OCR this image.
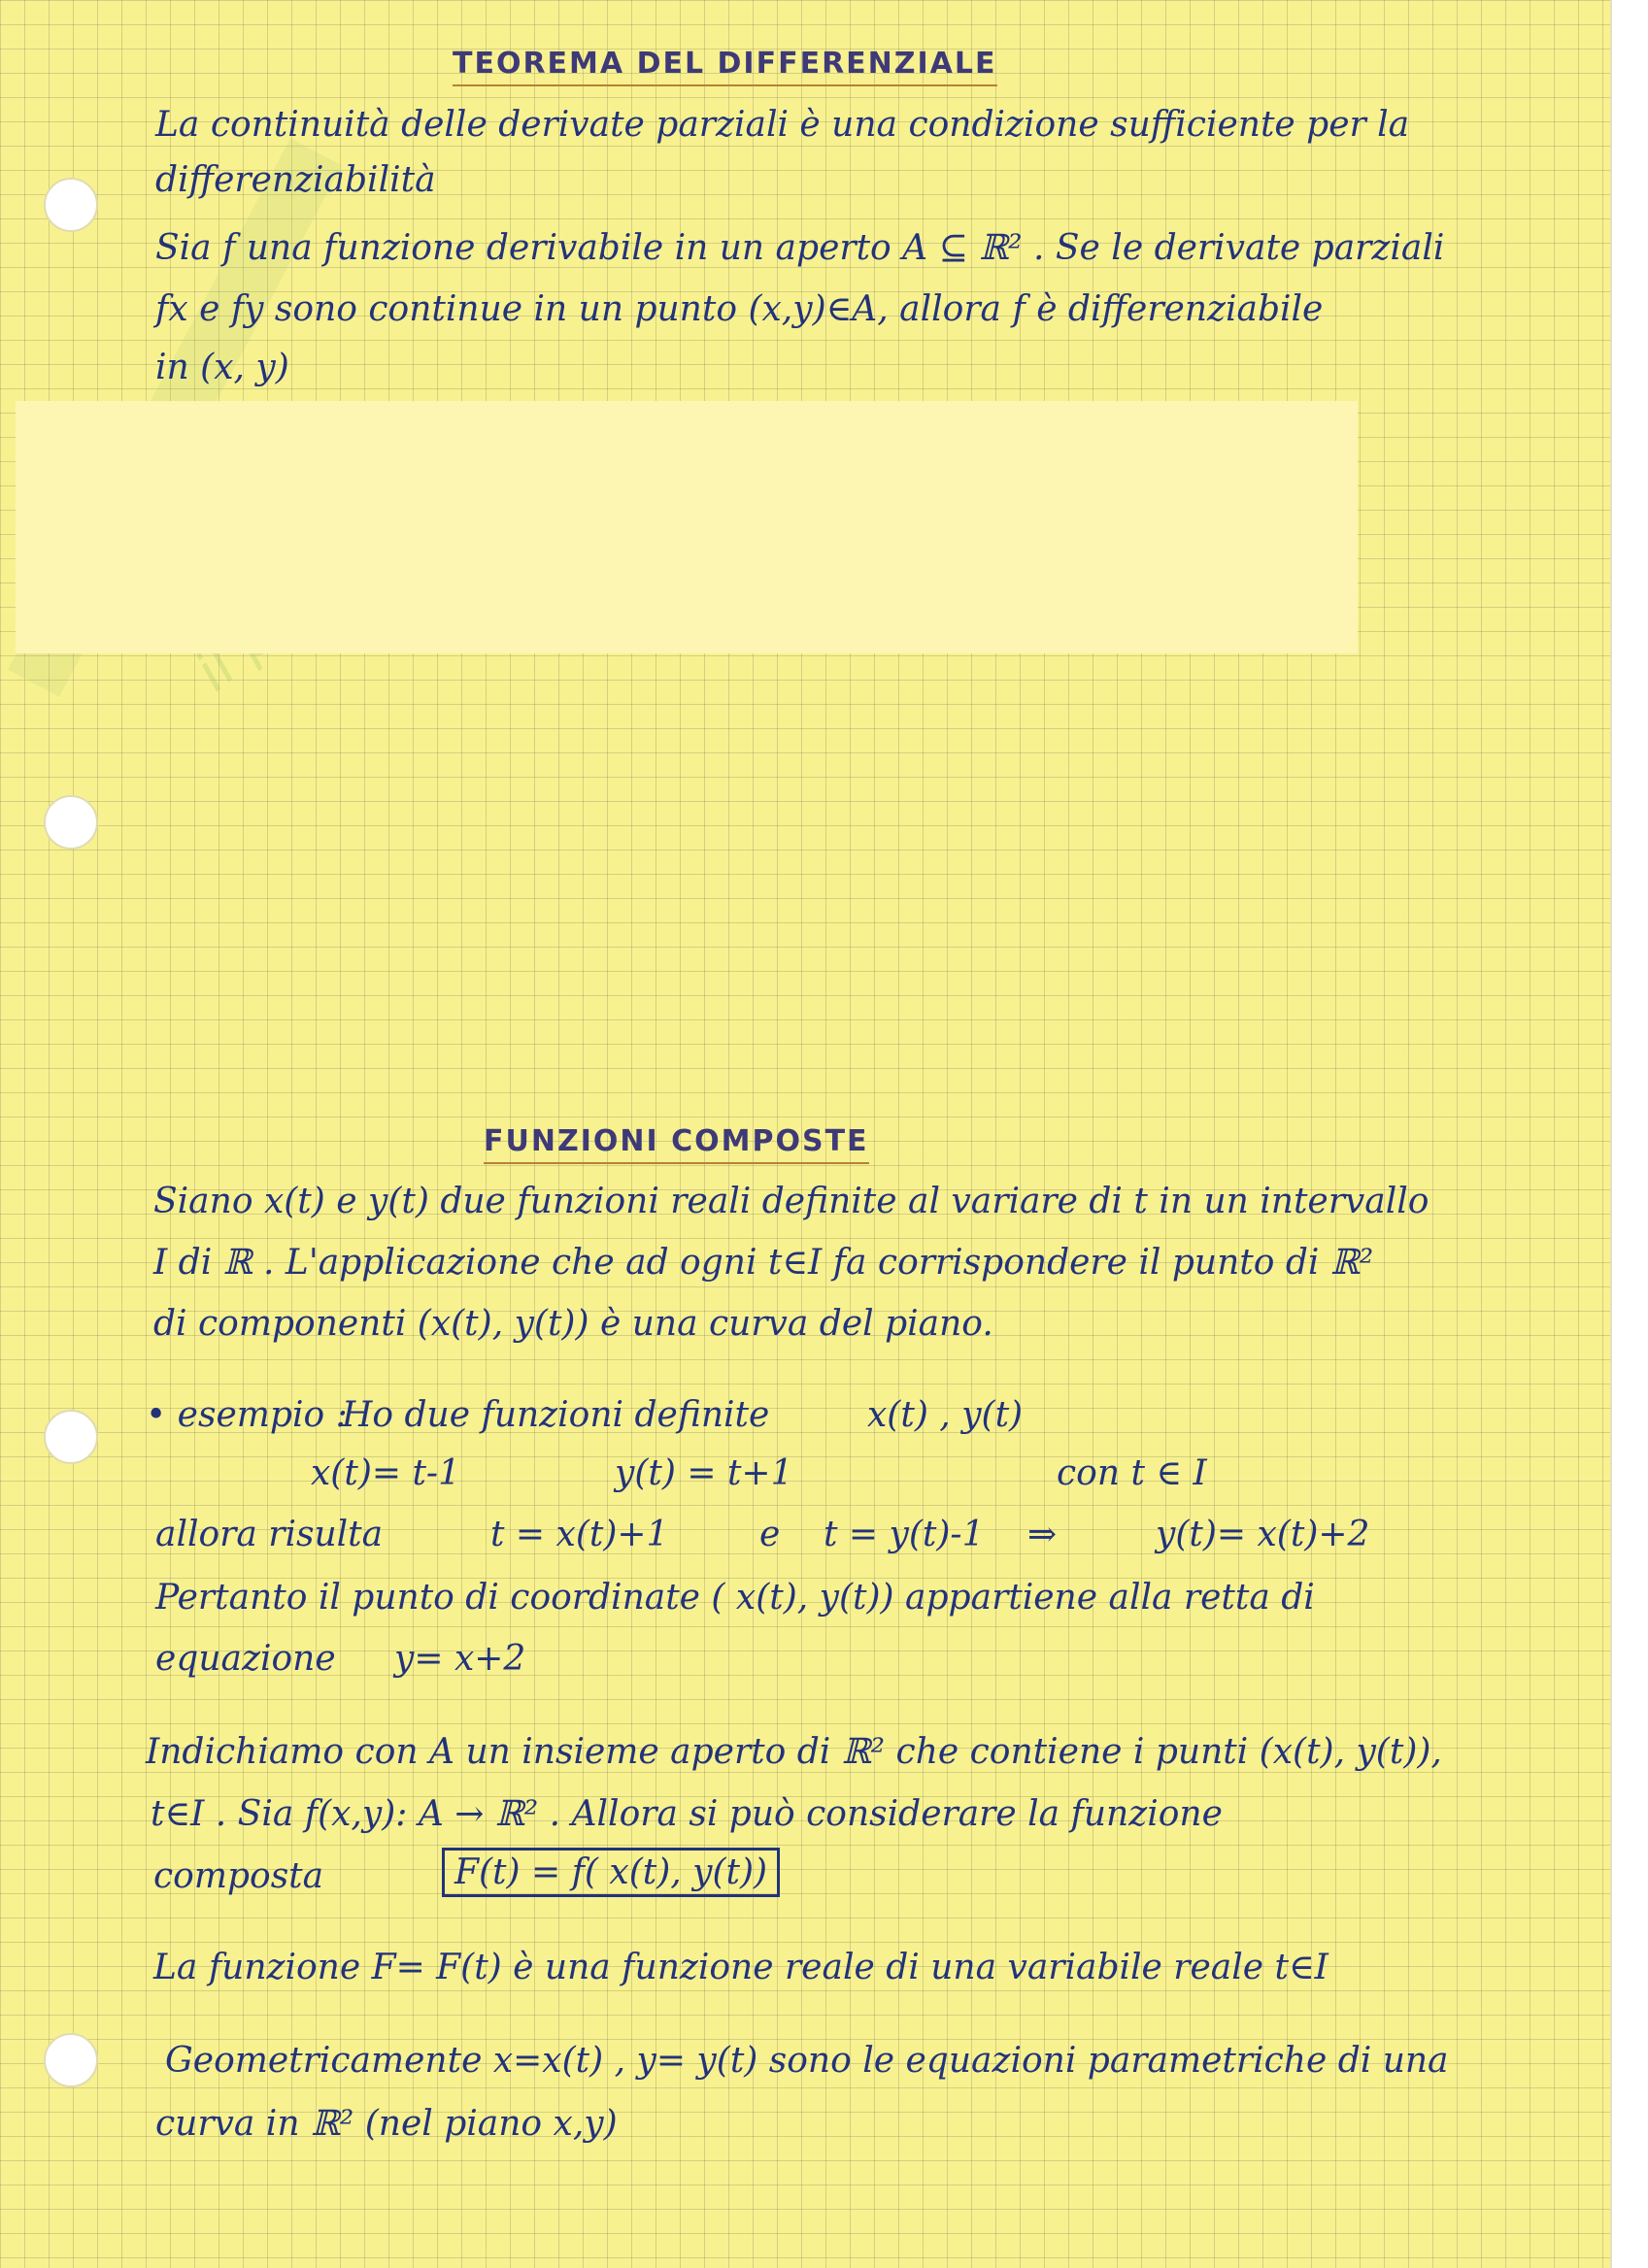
TEOREMA DEL DIFFERENZIALE

La continuità delle derivate parziali è una condizione sufficiente per la

differenziabilità

Sia f una funzione derivabile in un aperto A ⊆ ℝ² . Se le derivate parziali

fx e fy sono continue in un punto (x,y)∈A, allora f è differenziabile

in (x, y)

FUNZIONI COMPOSTE

Siano x(t) e y(t) due funzioni reali definite al variare di t in un intervallo

I di ℝ . L'applicazione che ad ogni t∈I fa corrispondere il punto di ℝ²

di componenti (x(t), y(t)) è una curva del piano.

• esempio :

Ho due funzioni definite	x(t) , y(t)

x(t)= t-1	y(t) = t+1	con t ∈ I

allora risulta	t = x(t)+1	e t = y(t)-1 ⇒	y(t)= x(t)+2

Pertanto il punto di coordinate ( x(t), y(t)) appartiene alla retta di

equazione y= x+2

Indichiamo con A un insieme aperto di ℝ² che contiene i punti (x(t), y(t)),

t∈I . Sia f(x,y): A → ℝ² . Allora si può considerare la funzione

composta	F(t) = f( x(t), y(t))

La funzione F= F(t) è una funzione reale di una variabile reale t∈I

Geometricamente x=x(t) , y= y(t) sono le equazioni parametriche di una

curva in ℝ² (nel piano x,y)
